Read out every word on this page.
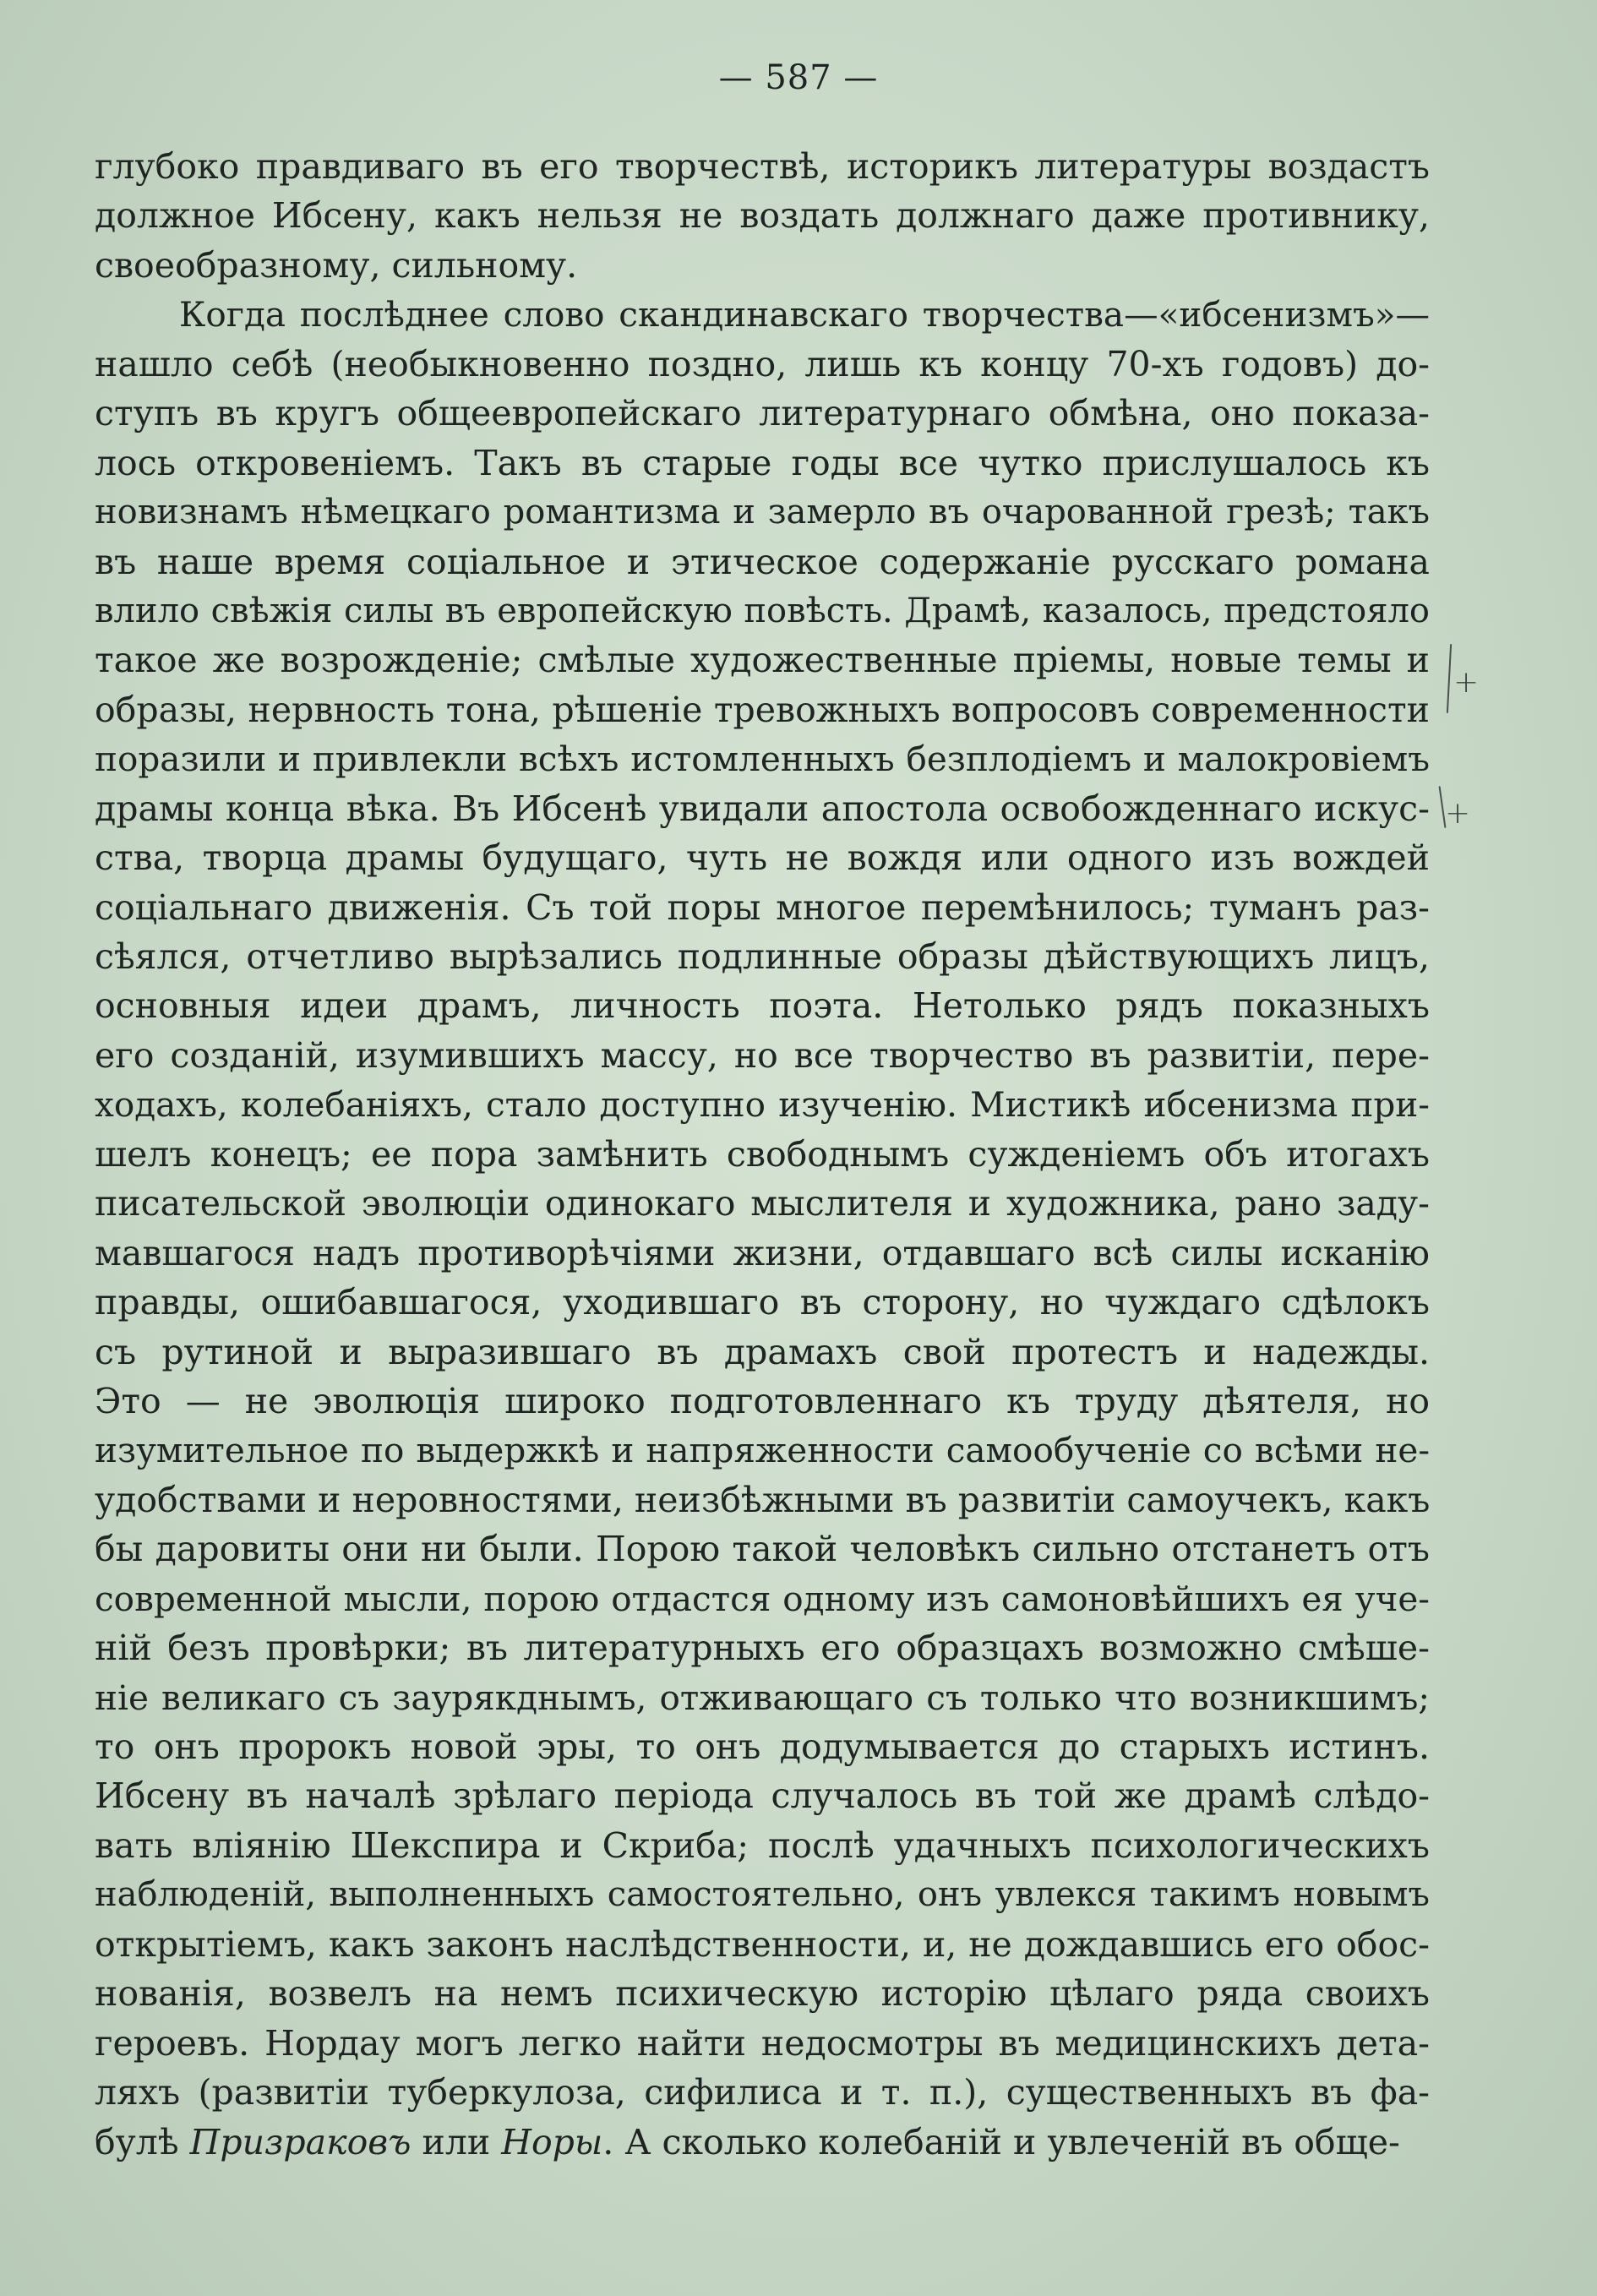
— 587 —
+
+
глубоко правдиваго въ его творчествѣ, историкъ литературы воздастъ
должное Ибсену, какъ нельзя не воздать должнаго даже противнику,
своеобразному, сильному.
Когда послѣднее слово скандинавскаго творчества—«ибсенизмъ»—
нашло себѣ (необыкновенно поздно, лишь къ концу 70-хъ годовъ) до-
ступъ въ кругъ общеевропейскаго литературнаго обмѣна, оно показа-
лось откровеніемъ. Такъ въ старые годы все чутко прислушалось къ
новизнамъ нѣмецкаго романтизма и замерло въ очарованной грезѣ; такъ
въ наше время соціальное и этическое содержаніе русскаго романа
влило свѣжія силы въ европейскую повѣсть. Драмѣ, казалось, предстояло
такое же возрожденіе; смѣлые художественные пріемы, новые темы и
образы, нервность тона, рѣшеніе тревожныхъ вопросовъ современности
поразили и привлекли всѣхъ истомленныхъ безплодіемъ и малокровіемъ
драмы конца вѣка. Въ Ибсенѣ увидали апостола освобожденнаго искус-
ства, творца драмы будущаго, чуть не вождя или одного изъ вождей
соціальнаго движенія. Съ той поры многое перемѣнилось; туманъ раз-
сѣялся, отчетливо вырѣзались подлинные образы дѣйствующихъ лицъ,
основныя идеи драмъ, личность поэта. Нетолько рядъ показныхъ
его созданій, изумившихъ массу, но все творчество въ развитіи, пере-
ходахъ, колебаніяхъ, стало доступно изученію. Мистикѣ ибсенизма при-
шелъ конецъ; ее пора замѣнить свободнымъ сужденіемъ объ итогахъ
писательской эволюціи одинокаго мыслителя и художника, рано заду-
мавшагося надъ противорѣчіями жизни, отдавшаго всѣ силы исканію
правды, ошибавшагося, уходившаго въ сторону, но чуждаго сдѣлокъ
съ рутиной и выразившаго въ драмахъ свой протестъ и надежды.
Это — не эволюція широко подготовленнаго къ труду дѣятеля, но
изумительное по выдержкѣ и напряженности самообученіе со всѣми не-
удобствами и неровностями, неизбѣжными въ развитіи самоучекъ, какъ
бы даровиты они ни были. Порою такой человѣкъ сильно отстанетъ отъ
современной мысли, порою отдастся одному изъ самоновѣйшихъ ея уче-
ній безъ провѣрки; въ литературныхъ его образцахъ возможно смѣше-
ніе великаго съ заурякднымъ, отживающаго съ только что возникшимъ;
то онъ пророкъ новой эры, то онъ додумывается до старыхъ истинъ.
Ибсену въ началѣ зрѣлаго періода случалось въ той же драмѣ слѣдо-
вать вліянію Шекспира и Скриба; послѣ удачныхъ психологическихъ
наблюденій, выполненныхъ самостоятельно, онъ увлекся такимъ новымъ
открытіемъ, какъ законъ наслѣдственности, и, не дождавшись его обос-
нованія, возвелъ на немъ психическую исторію цѣлаго ряда своихъ
героевъ. Нордау могъ легко найти недосмотры въ медицинскихъ дета-
ляхъ (развитіи туберкулоза, сифилиса и т. п.), существенныхъ въ фа-
булѣ Призраковъ или Норы. А сколько колебаній и увлеченій въ обще-
